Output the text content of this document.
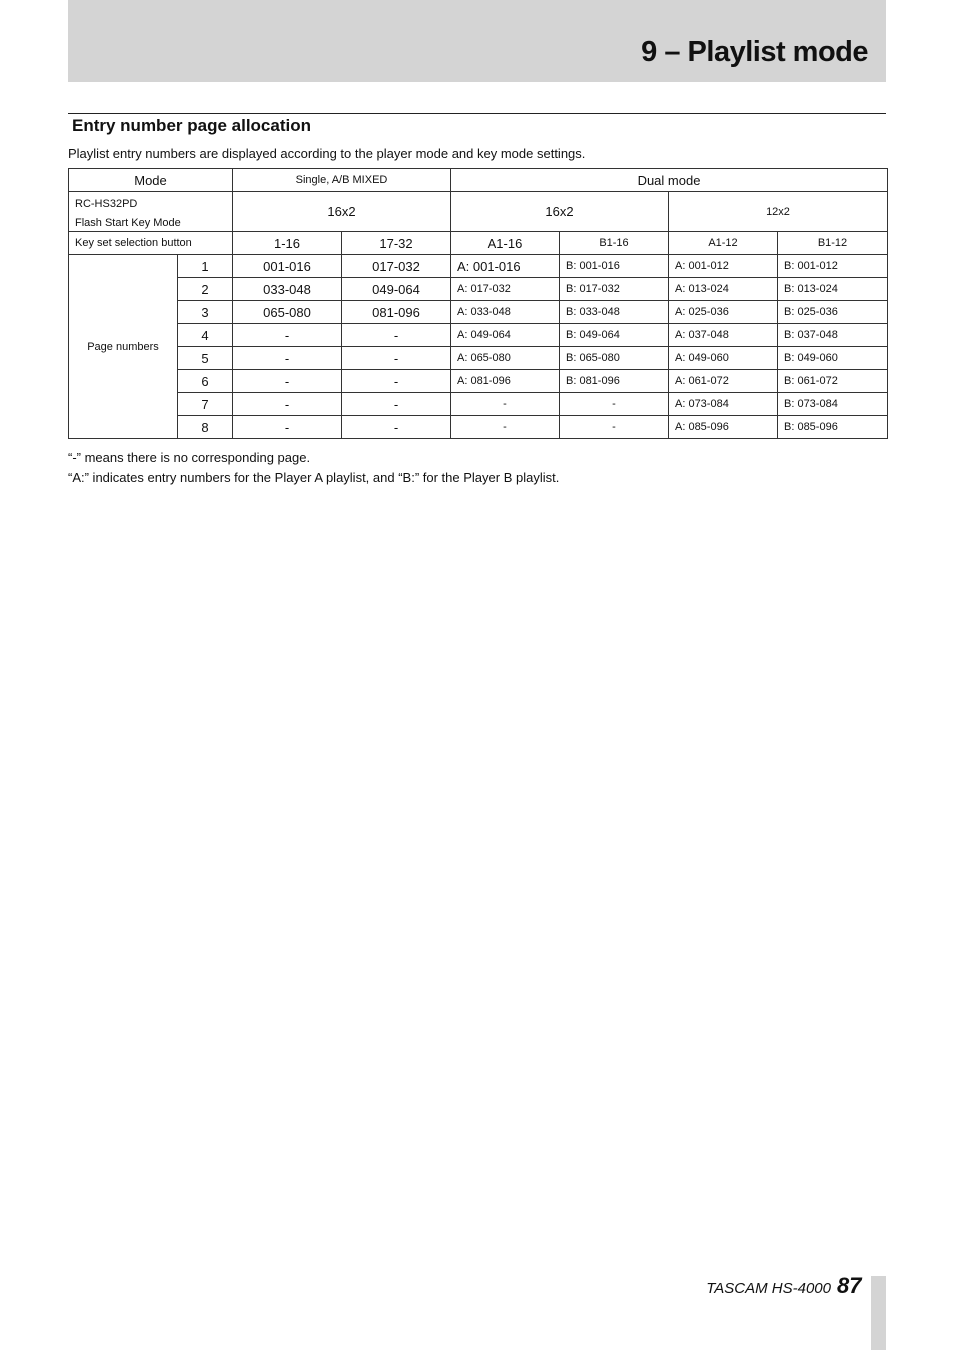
9 – Playlist mode
Entry number page allocation
Playlist entry numbers are displayed according to the player mode and key mode settings.
Mode		Single, A/B MIXED		Dual mode			

RC-HS32PD
Flash Start Key Mode		16x2		16x2		12x2	
Key set selection button		1-16	17-32	A1-16	B1-16	A1-12	B1-12
Page numbers	1	001-016	017-032	A: 001-016	B: 001-016	A: 001-012	B: 001-012
	2	033-048	049-064	A: 017-032	B: 017-032	A: 013-024	B: 013-024
	3	065-080	081-096	A: 033-048	B: 033-048	A: 025-036	B: 025-036
	4	-	-	A: 049-064	B: 049-064	A: 037-048	B: 037-048
	5	-	-	A: 065-080	B: 065-080	A: 049-060	B: 049-060
	6	-	-	A: 081-096	B: 081-096	A: 061-072	B: 061-072
	7	-	-	-	-	A: 073-084	B: 073-084
	8	-	-	-	-	A: 085-096	B: 085-096
“-” means there is no corresponding page.
“A:” indicates entry numbers for the Player A playlist, and “B:” for the Player B playlist.
TASCAM HS-4000 87
